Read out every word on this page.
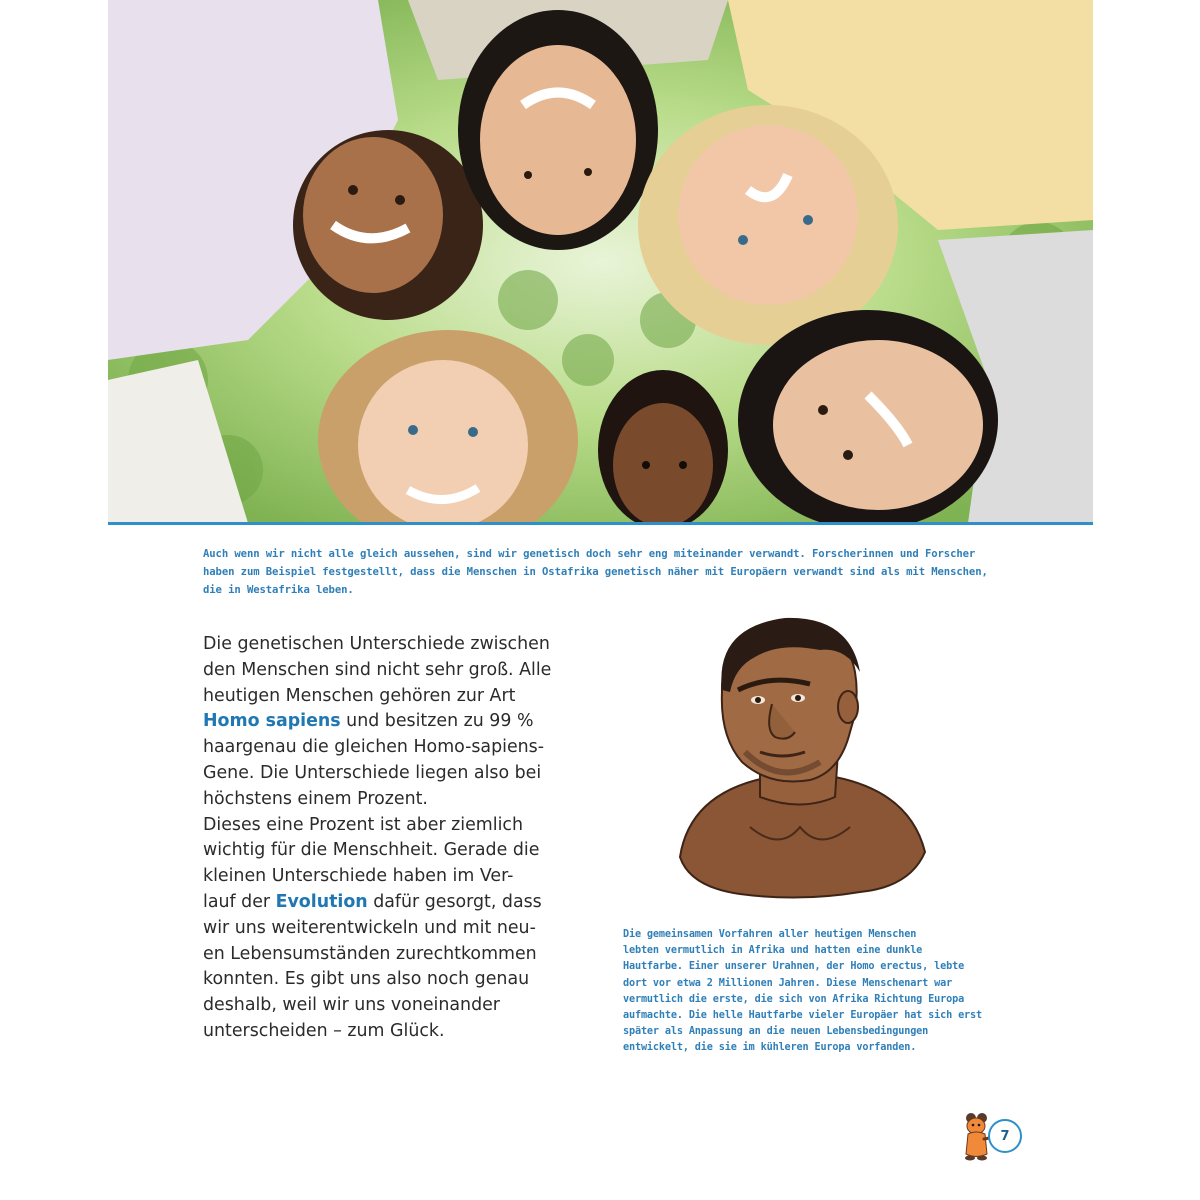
Auch wenn wir nicht alle gleich aussehen, sind wir genetisch doch sehr eng miteinander verwandt. Forscherinnen und Forscher
haben zum Beispiel festgestellt, dass die Menschen in Ostafrika genetisch näher mit Europäern verwandt sind als mit Menschen,
die in Westafrika leben.
Die genetischen Unterschiede zwischen
den Menschen sind nicht sehr groß. Alle
heutigen Menschen gehören zur Art
Homo sapiens und besitzen zu 99 %
haargenau die gleichen Homo-sapiens-
Gene. Die Unterschiede liegen also bei
höchstens einem Prozent.
Dieses eine Prozent ist aber ziemlich
wichtig für die Menschheit. Gerade die
kleinen Unterschiede haben im Ver-
lauf der Evolution dafür gesorgt, dass
wir uns weiterentwickeln und mit neu-
en Lebensumständen zurechtkommen
konnten. Es gibt uns also noch genau
deshalb, weil wir uns voneinander
unterscheiden – zum Glück.
Die gemeinsamen Vorfahren aller heutigen Menschen
lebten vermutlich in Afrika und hatten eine dunkle
Hautfarbe. Einer unserer Urahnen, der Homo erectus, lebte
dort vor etwa 2 Millionen Jahren. Diese Menschenart war
vermutlich die erste, die sich von Afrika Richtung Europa
aufmachte. Die helle Hautfarbe vieler Europäer hat sich erst
später als Anpassung an die neuen Lebensbedingungen
entwickelt, die sie im kühleren Europa vorfanden.
7
